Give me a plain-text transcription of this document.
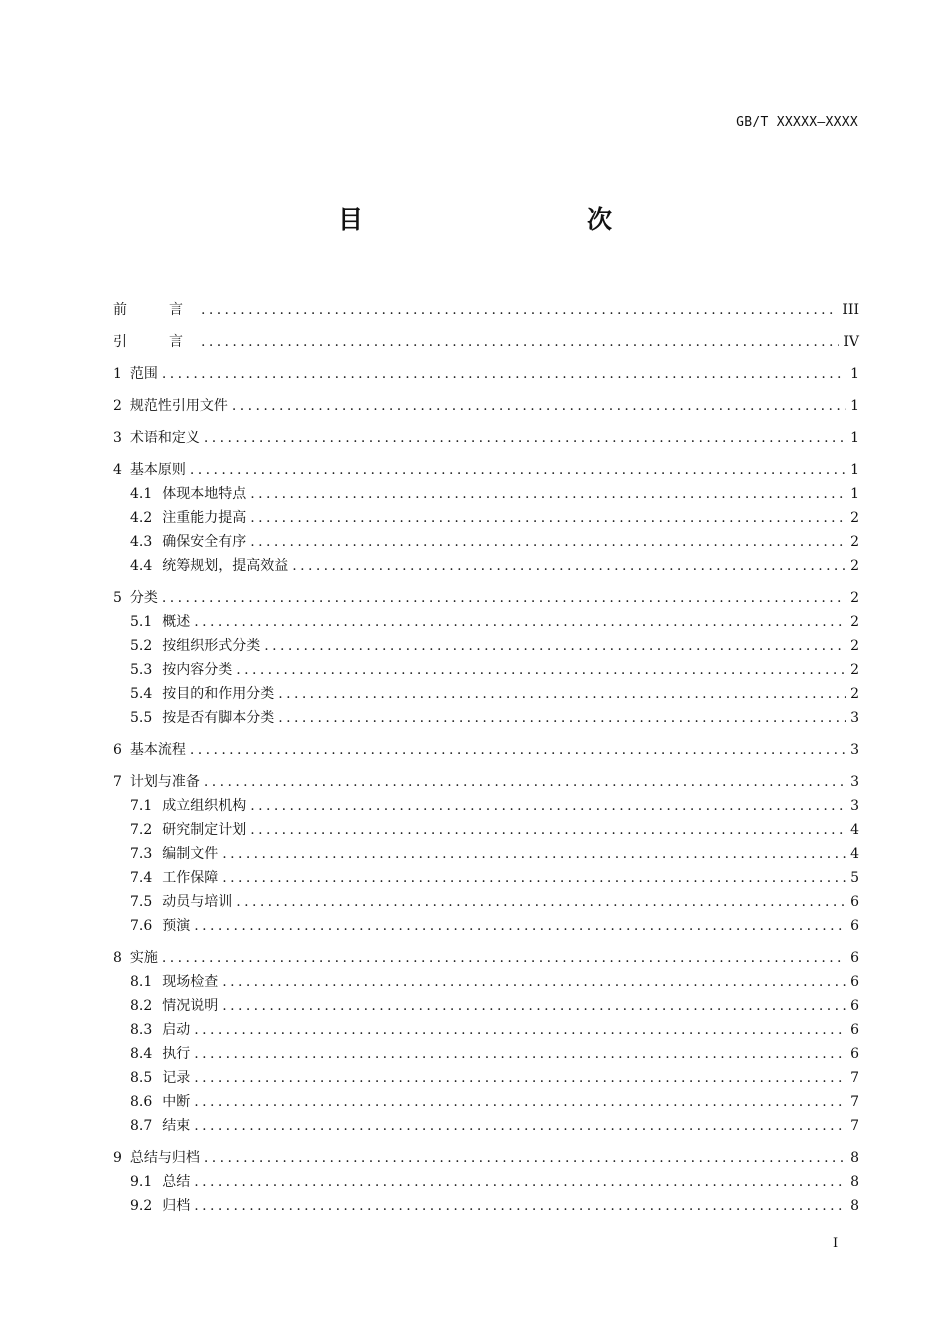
GB/T XXXXX—XXXX
目　　次
前　言 .....	III
引　言 .....	IV
1 范围 .....	1
2 规范性引用文件 .....	1
3 术语和定义 .....	1
4 基本原则 .....	1
4.1 体现本地特点 .....	1
4.2 注重能力提高 .....	2
4.3 确保安全有序 .....	2
4.4 统筹规划，提高效益 .....	2
5 分类 .....	2
5.1 概述 .....	2
5.2 按组织形式分类 .....	2
5.3 按内容分类 .....	2
5.4 按目的和作用分类 .....	2
5.5 按是否有脚本分类 .....	3
6 基本流程 .....	3
7 计划与准备 .....	3
7.1 成立组织机构 .....	3
7.2 研究制定计划 .....	4
7.3 编制文件 .....	4
7.4 工作保障 .....	5
7.5 动员与培训 .....	6
7.6 预演 .....	6
8 实施 .....	6
8.1 现场检查 .....	6
8.2 情况说明 .....	6
8.3 启动 .....	6
8.4 执行 .....	6
8.5 记录 .....	7
8.6 中断 .....	7
8.7 结束 .....	7
9 总结与归档 .....	8
9.1 总结 .....	8
9.2 归档 .....	8
I
